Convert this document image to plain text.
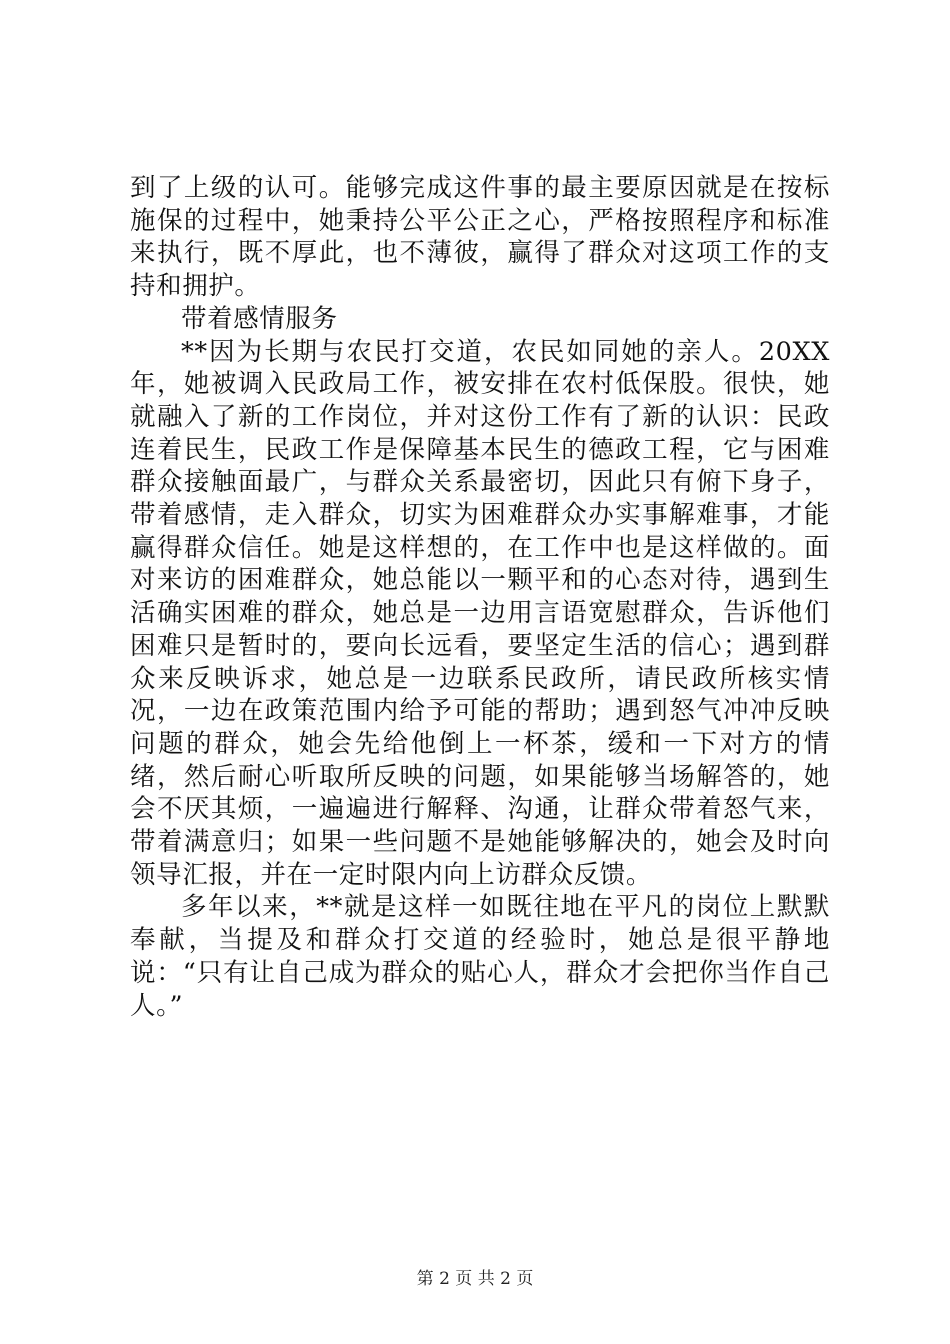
到了上级的认可。能够完成这件事的最主要原因就是在按标施保的过程中，她秉持公平公正之心，严格按照程序和标准来执行，既不厚此，也不薄彼，赢得了群众对这项工作的支持和拥护。

带着感情服务

**因为长期与农民打交道，农民如同她的亲人。20XX年，她被调入民政局工作，被安排在农村低保股。很快，她就融入了新的工作岗位，并对这份工作有了新的认识：民政连着民生，民政工作是保障基本民生的德政工程，它与困难群众接触面最广，与群众关系最密切，因此只有俯下身子，带着感情，走入群众，切实为困难群众办实事解难事，才能赢得群众信任。她是这样想的，在工作中也是这样做的。面对来访的困难群众，她总能以一颗平和的心态对待，遇到生活确实困难的群众，她总是一边用言语宽慰群众，告诉他们困难只是暂时的，要向长远看，要坚定生活的信心；遇到群众来反映诉求，她总是一边联系民政所，请民政所核实情况，一边在政策范围内给予可能的帮助；遇到怒气冲冲反映问题的群众，她会先给他倒上一杯茶，缓和一下对方的情绪，然后耐心听取所反映的问题，如果能够当场解答的，她会不厌其烦，一遍遍进行解释、沟通，让群众带着怒气来，带着满意归；如果一些问题不是她能够解决的，她会及时向领导汇报，并在一定时限内向上访群众反馈。

多年以来，**就是这样一如既往地在平凡的岗位上默默奉献，当提及和群众打交道的经验时，她总是很平静地说：“只有让自己成为群众的贴心人，群众才会把你当作自己人。”

第 2 页 共 2 页
